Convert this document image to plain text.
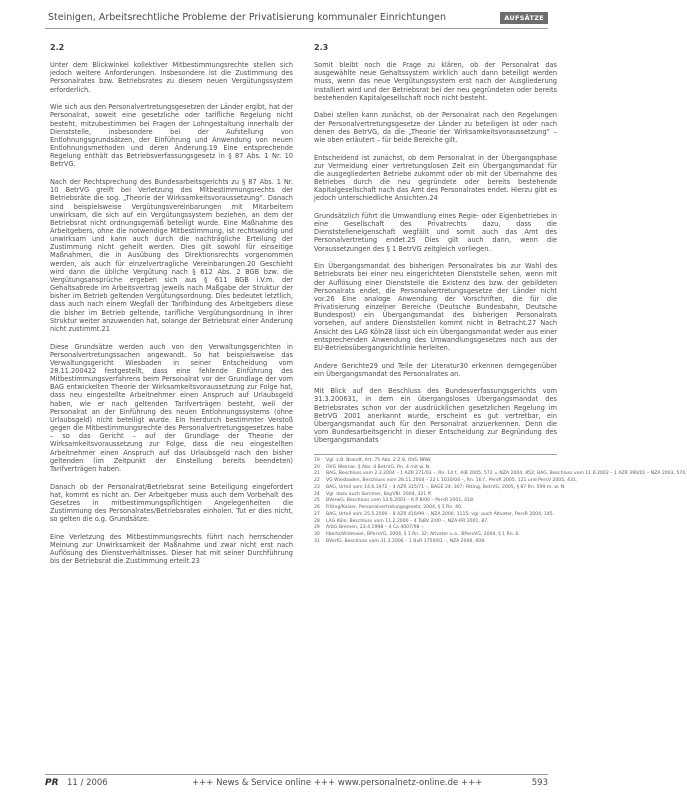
Steinigen, Arbeitsrechtliche Probleme der Privatisierung kommunaler Einrichtungen	AUFSÄTZE
2.2

Unter dem Blickwinkel kollektiver Mitbestimmungsrechte stellen sich jedoch weitere Anforderungen. Insbesondere ist die Zustimmung des Personalrates bzw. Betriebsrates zu diesem neuen Vergütungssystem erforderlich.

Wie sich aus den Personalvertretungsgesetzen der Länder ergibt, hat der Personalrat, soweit eine gesetzliche oder tarifliche Regelung nicht besteht, mitzubestimmen bei Fragen der Lohngestaltung innerhalb der Dienststelle, insbesondere bei der Aufstellung von Entlohnungsgrundsätzen, der Einführung und Anwendung von neuen Entlohnungsmethoden und deren Änderung.19 Eine entsprechende Regelung enthält das Betriebsverfassungsgesetz in § 87 Abs. 1 Nr. 10 BetrVG.

Nach der Rechtsprechung des Bundesarbeitsgerichts zu § 87 Abs. 1 Nr. 10 BetrVG greift bei Verletzung des Mitbestimmungsrechts der Betriebsräte die sog. „Theorie der Wirksamkeitsvoraussetzung“. Danach sind beispielsweise Vergütungsvereinbarungen mit Mitarbeitern unwirksam, die sich auf ein Vergütungssystem beziehen, an dem der Betriebsrat nicht ordnungsgemäß beteiligt wurde. Eine Maßnahme des Arbeitgebers, ohne die notwendige Mitbestimmung, ist rechtswidrig und unwirksam und kann auch durch die nachträgliche Erteilung der Zustimmung nicht geheilt werden. Dies gilt sowohl für einseitige Maßnahmen, die in Ausübung des Direktionsrechts vorgenommen werden, als auch für einzelvertragliche Vereinbarungen.20 Geschieht wird dann die übliche Vergütung nach § 612 Abs. 2 BGB bzw. die Vergütungsansprüche ergeben sich aus § 611 BGB i.V.m. der Gehaltsabrede im Arbeitsvertrag jeweils nach Maßgabe der Struktur der bisher im Betrieb geltenden Vergütungsordnung. Dies bedeutet letztlich, dass auch nach einem Wegfall der Tarifbindung des Arbeitgebers diese die bisher im Betrieb geltende, tarifliche Vergütungsordnung in ihrer Struktur weiter anzuwenden hat, solange der Betriebsrat einer Änderung nicht zustimmt.21

Diese Grundsätze werden auch von den Verwaltungsgerichten in Personalvertretungssachen angewandt. So hat beispielsweise das Verwaltungsgericht Wiesbaden in seiner Entscheidung vom 28.11.200422 festgestellt, dass eine fehlende Einführung des Mitbestimmungsverfahrens beim Personalrat vor der Grundlage der vom BAG entwickelten Theorie der Wirksamkeitsvoraussetzung zur Folge hat, dass neu eingestellte Arbeitnehmer einen Anspruch auf Urlaubsgeld haben, wie er nach geltenden Tarifverträgen besteht, weil der Personalrat an der Einführung des neuen Entlohnungssystems (ohne Urlaubsgeld) nicht beteiligt wurde. Ein hierdurch bestimmter Verstoß gegen die Mitbestimmungsrechte des Personalvertretungsgesetzes habe – so das Gericht – auf der Grundlage der Theorie der Wirksamkeitsvoraussetzung zur Folge, dass die neu eingestellten Arbeitnehmer einen Anspruch auf das Urlaubsgeld nach den bisher geltenden (im Zeitpunkt der Einstellung bereits beendeten) Tarifverträgen haben.

Danach ob der Personalrat/Betriebsrat seine Beteiligung eingefordert hat, kommt es nicht an. Der Arbeitgeber muss auch dem Vorbehalt des Gesetzes in mitbestimmungspflichtigen Angelegenheiten die Zustimmung des Personalrates/Betriebsrates einholen. Tut er dies nicht, so gelten die o.g. Grundsätze.

Eine Verletzung des Mitbestimmungsrechts führt nach herrschender Meinung zur Unwirksamkeit der Maßnahme und zwar nicht erst nach Auflösung des Dienstverhältnisses. Dieser hat mit seiner Durchführung bis der Betriebsrat die Zustimmung erteilt.23

2.3

Somit bleibt noch die Frage zu klären, ob der Personalrat das ausgewählte neue Gehaltssystem wirklich auch dann beteiligt werden muss, wenn das neue Vergütungssystem erst nach der Ausgliederung installiert wird und der Betriebsrat bei der neu gegründeten oder bereits bestehenden Kapitalgesellschaft noch nicht besteht.

Dabei stellen kann zunächst, ob der Personalrat nach den Regelungen der Personalvertretungsgesetze der Länder zu beteiligen ist oder nach denen des BetrVG, da die „Theorie der Wirksamkeitsvoraussetzung“ – wie oben erläutert – für beide Bereiche gilt.

Entscheidend ist zunächst, ob dem Personalrat in der Übergangsphase zur Vermeidung einer vertretungslosen Zeit ein Übergangsmandat für die ausgegliederten Betriebe zukommt oder ob mit der Übernahme des Betriebes durch die neu gegründete oder bereits bestehende Kapitalgesellschaft nach das Amt des Personalrates endet. Hierzu gibt es jedoch unterschiedliche Ansichten.24

Grundsätzlich führt die Umwandlung eines Regie- oder Eigenbetriebes in eine Gesellschaft des Privatrechts dazu, dass die Dienststelleneigenschaft wegfällt und somit auch das Amt des Personalvertretung endet.25 Dies gilt auch dann, wenn die Voraussetzungen des § 1 BetrVG zeitgleich vorliegen.

Ein Übergangsmandat des bisherigen Personalrates bis zur Wahl des Betriebsrats bei einer neu eingerichteten Dienststelle sehen, wenn mit der Auflösung einer Dienststelle die Existenz des bzw. der gebildeten Personalrats endet, die Personalvertretungsgesetze der Länder nicht vor.26 Eine analoge Anwendung der Vorschriften, die für die Privatisierung einzelner Bereiche (Deutsche Bundesbahn, Deutsche Bundespost) ein Übergangsmandat des bisherigen Personalrats vorsehen, auf andere Dienststellen kommt nicht in Betracht.27 Nach Ansicht des LAG Köln28 lässt sich ein Übergangsmandat weder aus einer entsprechenden Anwendung des Umwandlungsgesetzes noch aus der EU-Betriebsübergangsrichtlinie herleiten.

Andere Gerichte29 und Teile der Literatur30 erkennen demgegenüber ein Übergangsmandat des Personalrates an.

Mit Blick auf den Beschluss des Bundesverfassungsgerichts vom 31.3.200631, in dem ein übergangsloses Übergangsmandat des Betriebsrates schon vor der ausdrücklichen gesetzlichen Regelung im BetrVG 2001 anerkannt wurde, erscheint es gut vertretbar, ein Übergangsmandat auch für den Personalrat anzuerkennen. Denn die vom Bundesarbeitsgericht in dieser Entscheidung zur Begründung des Übergangsmandats

19 Vgl. z.B. Brandt, Art. 75 Abs. 2 Z 8, OVG NRW.
20 OVG Weimar, § Abs. 4 BetrVG, Rn. 4 mit w. N.
21 BAG, Beschluss vom 2.3.2004 – 1 AZR 271/03 –, Rn. 14 f., AiB 2005, 572 = NZA 2004, 852; BAG, Beschluss vom 11.6.2002 – 1 AZR 390/01 – NZA 2003, 570.
22 VG Wiesbaden, Beschluss vom 28.11.2004 – 22 L 1030/04 –, Rn. 16 f., PersR 2005, 121 und PersV 2005, 431.
23 BAG, Urteil vom 14.6.1972 – 4 AZR 315/71 –, BAGE 24, 307; Fitting, BetrVG, 2005, § 87 Rn. 599 m. w. N.
24 Vgl. dazu auch Sommer, BayVBl. 2004, 321 ff.
25 BVerwG, Beschluss vom 13.6.2001 – 6 P 8/00 – PersR 2001, 418.
26 Fitting/Kaiser, Personalvertretungsgesetz, 2004, § 1 Rn. 40.
27 BAG, Urteil vom 25.5.2000 – 8 AZR 416/99 –, NZA 2000, 1115; vgl. auch Altvater, PersR 2004, 145.
28 LAG Köln, Beschluss vom 11.2.2000 – 4 TaBV 2/00 –, NZA-RR 2001, 87.
29 ArbG Bremen, 23.4.1998 – 4 Ca 4007/98 –.
30 Ilbertz/Widmaier, BPersVG, 2004, § 1 Rn. 32; Altvater u.a., BPersVG, 2004, § 1 Rn. 6.
31 BVerfG, Beschluss vom 31.3.2006 – 1 BvR 1750/01 –, NZA 2006, 608.
PR 11 / 2006	+++ News & Service online +++ www.personalnetz-online.de +++	593
